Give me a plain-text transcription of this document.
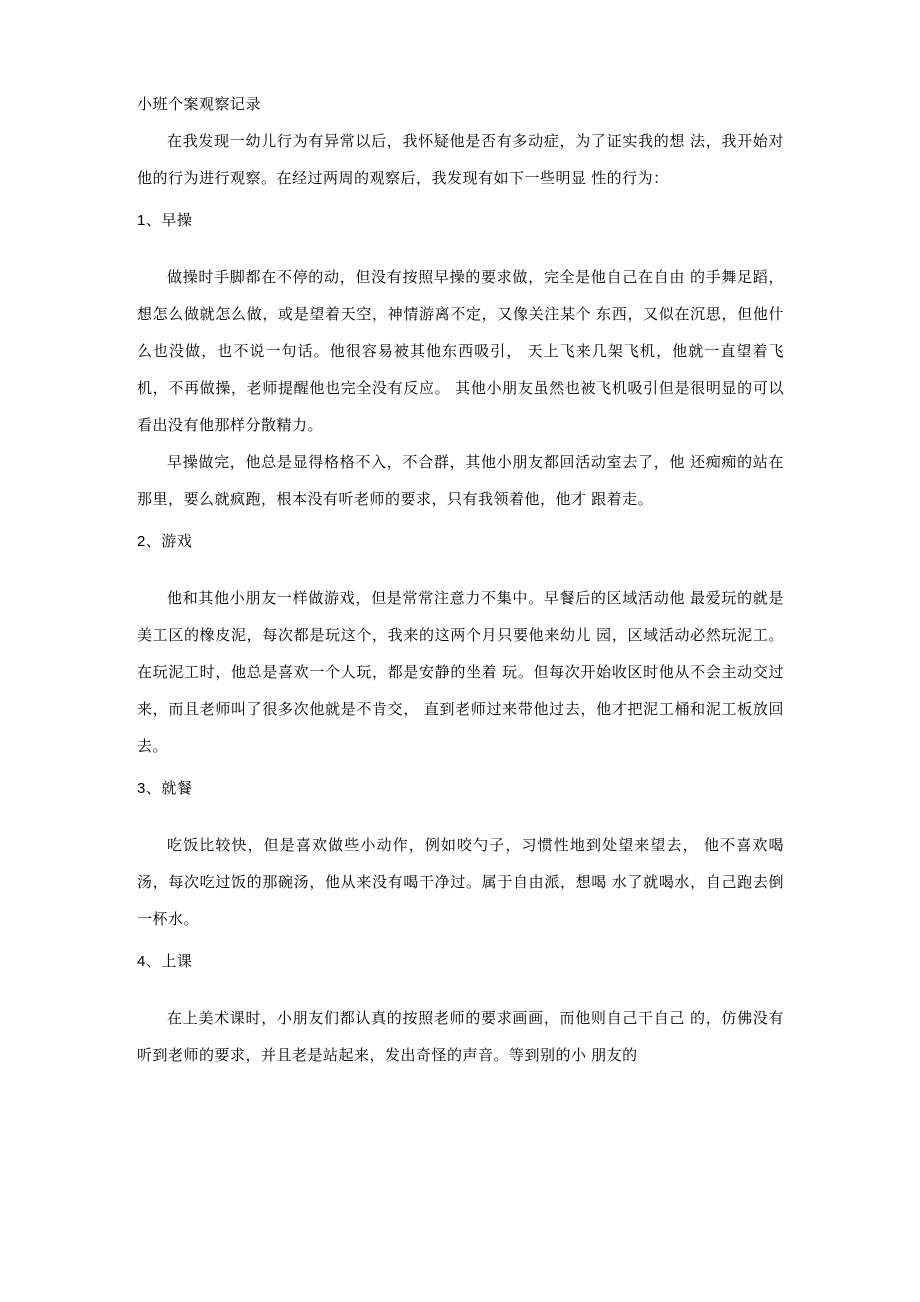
小班个案观察记录
在我发现一幼儿行为有异常以后，我怀疑他是否有多动症，为了证实我的想 法，我开始对他的行为进行观察。在经过两周的观察后，我发现有如下一些明显 性的行为：
1、早操
做操时手脚都在不停的动，但没有按照早操的要求做，完全是他自己在自由 的手舞足蹈，想怎么做就怎么做，或是望着天空，神情游离不定，又像关注某个 东西，又似在沉思，但他什么也没做，也不说一句话。他很容易被其他东西吸引， 天上飞来几架飞机，他就一直望着飞机，不再做操，老师提醒他也完全没有反应。 其他小朋友虽然也被飞机吸引但是很明显的可以看出没有他那样分散精力。
早操做完，他总是显得格格不入，不合群，其他小朋友都回活动室去了，他 还痴痴的站在那里，要么就疯跑，根本没有听老师的要求，只有我领着他，他才 跟着走。
2、游戏
他和其他小朋友一样做游戏，但是常常注意力不集中。早餐后的区域活动他 最爱玩的就是美工区的橡皮泥，每次都是玩这个，我来的这两个月只要他来幼儿 园，区域活动必然玩泥工。在玩泥工时，他总是喜欢一个人玩，都是安静的坐着 玩。但每次开始收区时他从不会主动交过来，而且老师叫了很多次他就是不肯交， 直到老师过来带他过去，他才把泥工桶和泥工板放回去。
3、就餐
吃饭比较快，但是喜欢做些小动作，例如咬勺子，习惯性地到处望来望去， 他不喜欢喝汤，每次吃过饭的那碗汤，他从来没有喝干净过。属于自由派，想喝 水了就喝水，自己跑去倒一杯水。
4、上课
在上美术课时，小朋友们都认真的按照老师的要求画画，而他则自己干自己 的，仿佛没有听到老师的要求，并且老是站起来，发出奇怪的声音。等到别的小 朋友的
